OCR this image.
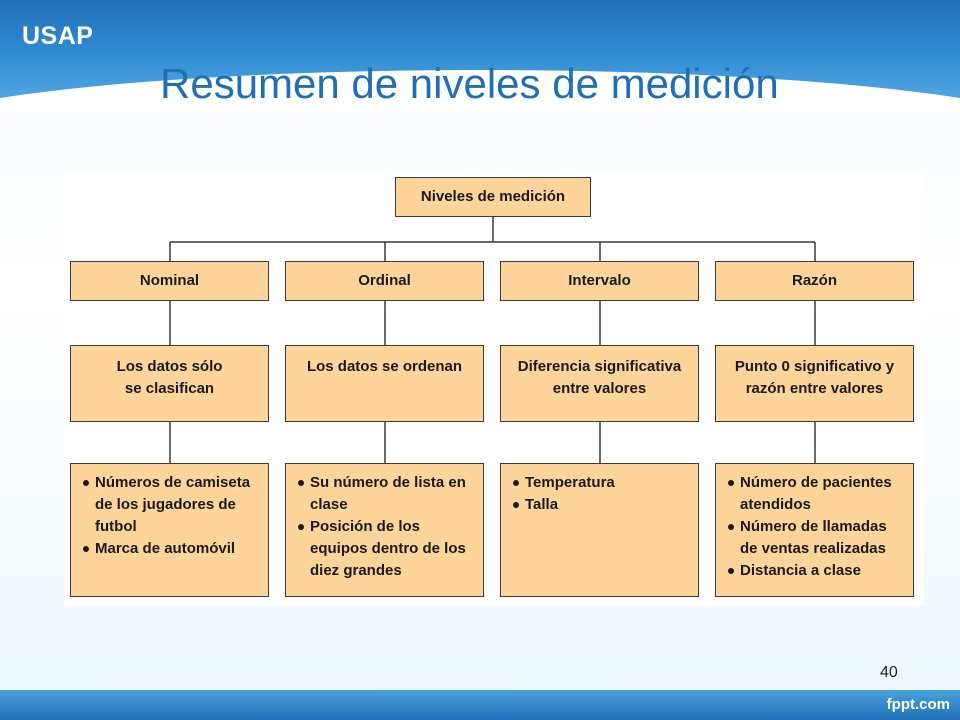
USAP
Resumen de niveles de medición
Niveles de medición
Nominal	Ordinal	Intervalo	Razón
Los datos sólo
se clasifican
Los datos se ordenan	Diferencia significativa
entre valores
Punto 0 significativo y
razón entre valores
Números de camiseta de los jugadores de futbol
Marca de automóvil
Su número de lista en clase
Posición de los equipos dentro de los diez grandes
Temperatura
Talla
Número de pacientes atendidos
Número de llamadas de ventas realizadas
Distancia a clase
40
fppt.com
